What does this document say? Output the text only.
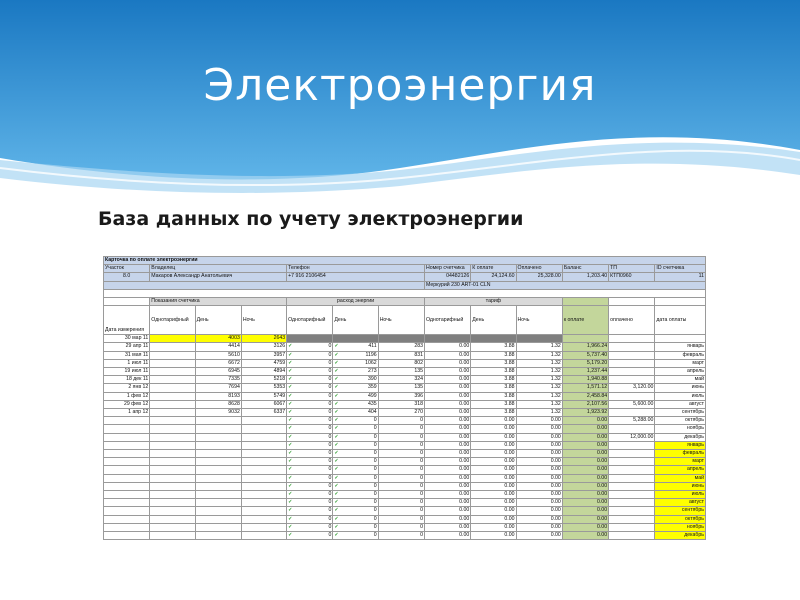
Электроэнергия
База данных по учету электроэнергии
Карточка по оплате электроэнергии												
Участок	Владелец			Телефон			Номер счетчика	К оплате	Оплачено	Баланс	ТП	ID счетчика
8.0	Макаров Александр Анатольевич			+7 916 2106454			04482126	24,124.60	25,328.00	1,203.40	КТП0960	11
							Меркурий 230 ART-01 CLN					

	Показания счетчика			расход энергии			тариф					
Дата измерения	Однотарифный	День	Ночь	Однотарифный	День	Ночь	Однотарифный	День	Ночь	к оплате	оплачено	дата оплаты
30 мар 11		4003	2643									
29 апр 11		4414	3126	✓ 0	✓ 411	283	0.00	3.88	1.32	1,966.24		январь
31 мая 11		5610	3957	✓ 0	✓ 1196	831	0.00	3.88	1.32	5,737.40		февраль
1 июл 11		6672	4759	✓ 0	✓ 1062	802	0.00	3.88	1.32	5,179.20		март
19 июл 11		6945	4894	✓ 0	✓ 273	135	0.00	3.88	1.32	1,237.44		апрель
18 дек 11		7335	5218	✓ 0	✓ 390	324	0.00	3.88	1.32	1,940.88		май
2 янв 12		7694	5353	✓ 0	✓ 359	135	0.00	3.88	1.32	1,571.12	3,120.00	июнь
1 фев 12		8193	5749	✓ 0	✓ 499	396	0.00	3.88	1.32	2,458.84		июль
29 фев 12		8628	6067	✓ 0	✓ 435	318	0.00	3.88	1.32	2,107.56	5,600.00	август
1 апр 12		9032	6337	✓ 0	✓ 404	270	0.00	3.88	1.32	1,923.92		сентябрь

				✓ 0	✓ 0	0	0.00	0.00	0.00	0.00	5,288.00	октябрь

				✓ 0	✓ 0	0	0.00	0.00	0.00	0.00		ноябрь

				✓ 0	✓ 0	0	0.00	0.00	0.00	0.00	12,000.00	декабрь

				✓ 0	✓ 0	0	0.00	0.00	0.00	0.00		январь

				✓ 0	✓ 0	0	0.00	0.00	0.00	0.00		февраль

				✓ 0	✓ 0	0	0.00	0.00	0.00	0.00		март

				✓ 0	✓ 0	0	0.00	0.00	0.00	0.00		апрель

				✓ 0	✓ 0	0	0.00	0.00	0.00	0.00		май

				✓ 0	✓ 0	0	0.00	0.00	0.00	0.00		июнь

				✓ 0	✓ 0	0	0.00	0.00	0.00	0.00		июль

				✓ 0	✓ 0	0	0.00	0.00	0.00	0.00		август

				✓ 0	✓ 0	0	0.00	0.00	0.00	0.00		сентябрь

				✓ 0	✓ 0	0	0.00	0.00	0.00	0.00		октябрь

				✓ 0	✓ 0	0	0.00	0.00	0.00	0.00		ноябрь

				✓ 0	✓ 0	0	0.00	0.00	0.00	0.00		декабрь
